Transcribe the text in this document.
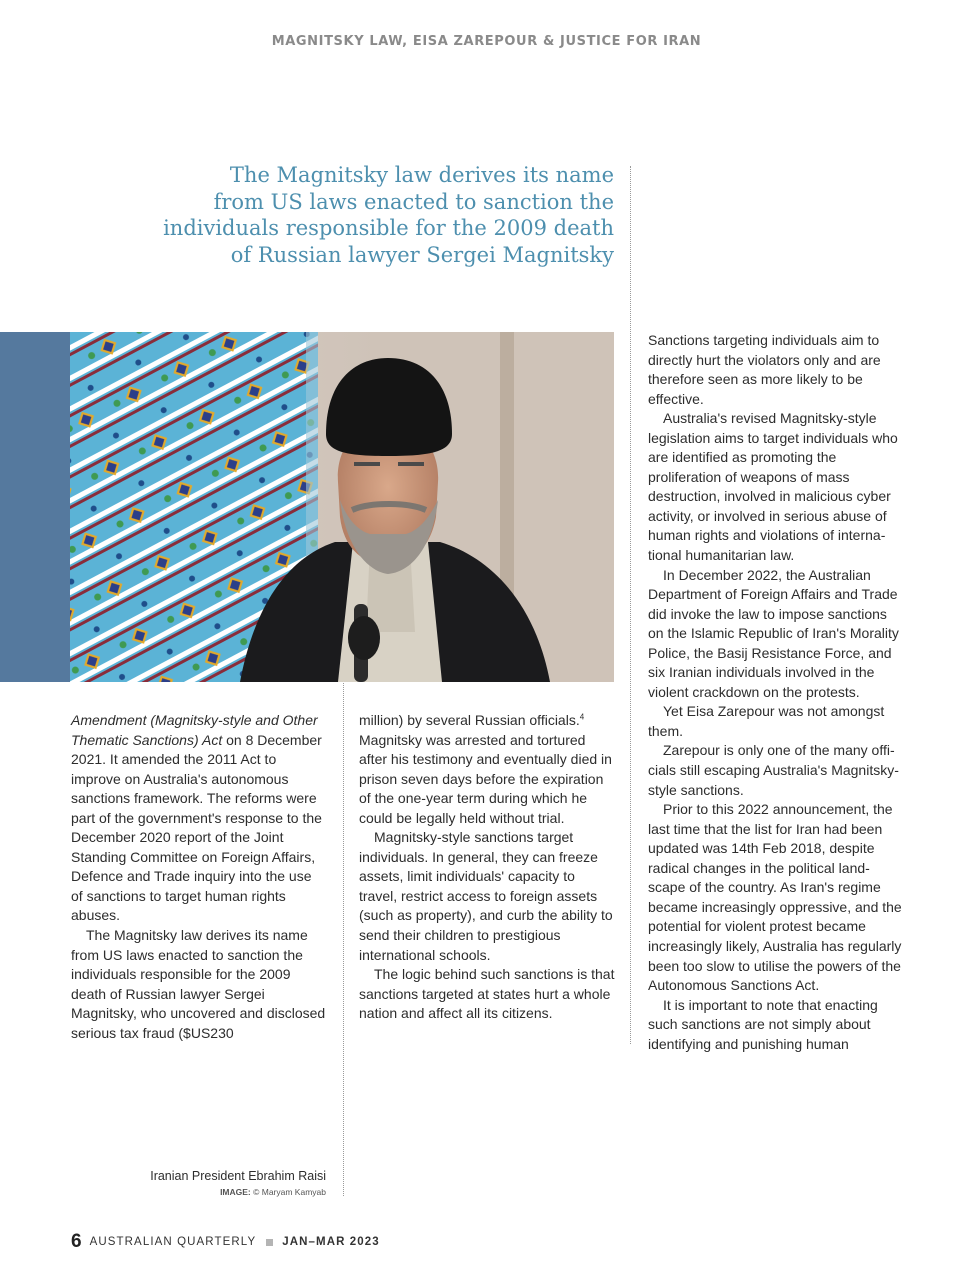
MAGNITSKY LAW, EISA ZAREPOUR & JUSTICE FOR IRAN
The Magnitsky law derives its name
from US laws enacted to sanction the
individuals responsible for the 2009 death
of Russian lawyer Sergei Magnitsky

Amendment (Magnitsky-style and Other Thematic Sanctions) Act on 8 December 2021. It amended the 2011 Act to improve on Australia's autonomous sanctions framework. The reforms were part of the government's response to the December 2020 report of the Joint Standing Committee on Foreign Affairs, Defence and Trade inquiry into the use of sanctions to target human rights abuses.

The Magnitsky law derives its name from US laws enacted to sanction the individuals responsible for the 2009 death of Russian lawyer Sergei Magnitsky, who uncovered and disclosed serious tax fraud ($US230

million) by several Russian officials.$^4$ Magnitsky was arrested and tortured after his testimony and eventually died in prison seven days before the expiration of the one-year term during which he could be legally held without trial.

Magnitsky-style sanctions target individuals. In general, they can freeze assets, limit individuals' capacity to travel, restrict access to foreign assets (such as property), and curb the ability to send their children to prestigious international schools.

The logic behind such sanctions is that sanctions targeted at states hurt a whole nation and affect all its citizens.

Sanctions targeting individuals aim to directly hurt the violators only and are therefore seen as more likely to be effective.

Australia's revised Magnitsky-style legislation aims to target individuals who are identified as promoting the proliferation of weapons of mass destruction, involved in malicious cyber activity, or involved in serious abuse of human rights and violations of interna-tional humanitarian law.

In December 2022, the Australian Department of Foreign Affairs and Trade did invoke the law to impose sanctions on the Islamic Republic of Iran's Morality Police, the Basij Resistance Force, and six Iranian individuals involved in the violent crackdown on the protests.

Yet Eisa Zarepour was not amongst them.

Zarepour is only one of the many offi-cials still escaping Australia's Magnitsky-style sanctions.

Prior to this 2022 announcement, the last time that the list for Iran had been updated was 14th Feb 2018, despite radical changes in the political land-scape of the country. As Iran's regime became increasingly oppressive, and the potential for violent protest became increasingly likely, Australia has regularly been too slow to utilise the powers of the Autonomous Sanctions Act.

It is important to note that enacting such sanctions are not simply about identifying and punishing human

Iranian President Ebrahim Raisi
IMAGE: © Maryam Kamyab
6 AUSTRALIAN QUARTERLY JAN–MAR 2023
